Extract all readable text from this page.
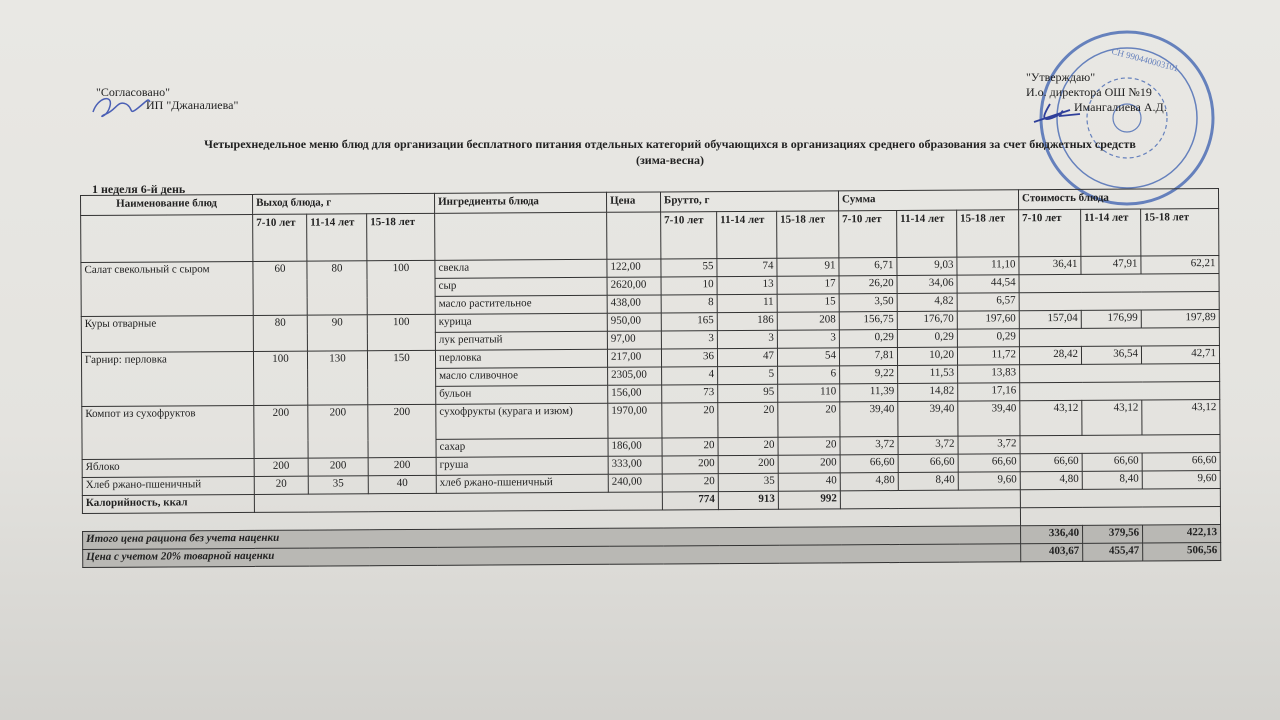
СН 990440003101
"Согласовано"
ИП "Джаналиева"
"Утверждаю"
И.о. директора ОШ №19
Имангалиева А.Д.
Четырехнедельное меню блюд для организации бесплатного питания отдельных категорий обучающихся в организациях среднего образования за счет бюджетных средств
(зима-весна)
1 неделя 6-й день
Наименование блюд	Выход блюда, г			Ингредиенты блюда	Цена	Брутто, г			Сумма			Стоимость блюда		
	7-10 лет	11-14 лет	15-18 лет			7-10 лет	11-14 лет	15-18 лет	7-10 лет	11-14 лет	15-18 лет	7-10 лет	11-14 лет	15-18 лет
Салат свекольный с сыром	60	80	100	свекла	122,00	55	74	91	6,71	9,03	11,10	36,41	47,91	62,21
				сыр	2620,00	10	13	17	26,20	34,06	44,54			
				масло растительное	438,00	8	11	15	3,50	4,82	6,57			
Куры отварные	80	90	100	курица	950,00	165	186	208	156,75	176,70	197,60	157,04	176,99	197,89
				лук репчатый	97,00	3	3	3	0,29	0,29	0,29			
Гарнир: перловка	100	130	150	перловка	217,00	36	47	54	7,81	10,20	11,72	28,42	36,54	42,71
				масло сливочное	2305,00	4	5	6	9,22	11,53	13,83			
				бульон	156,00	73	95	110	11,39	14,82	17,16			
Компот из сухофруктов	200	200	200	сухофрукты (курага и изюм)	1970,00	20	20	20	39,40	39,40	39,40	43,12	43,12	43,12
				сахар	186,00	20	20	20	3,72	3,72	3,72			
Яблоко	200	200	200	груша	333,00	200	200	200	66,60	66,60	66,60	66,60	66,60	66,60
Хлеб ржано-пшеничный	20	35	40	хлеб ржано-пшеничный	240,00	20	35	40	4,80	8,40	9,60	4,80	8,40	9,60
Калорийность, ккал						774	913	992						

Итого цена рациона без учета наценки												336,40	379,56	422,13
Цена с учетом 20% товарной наценки												403,67	455,47	506,56
